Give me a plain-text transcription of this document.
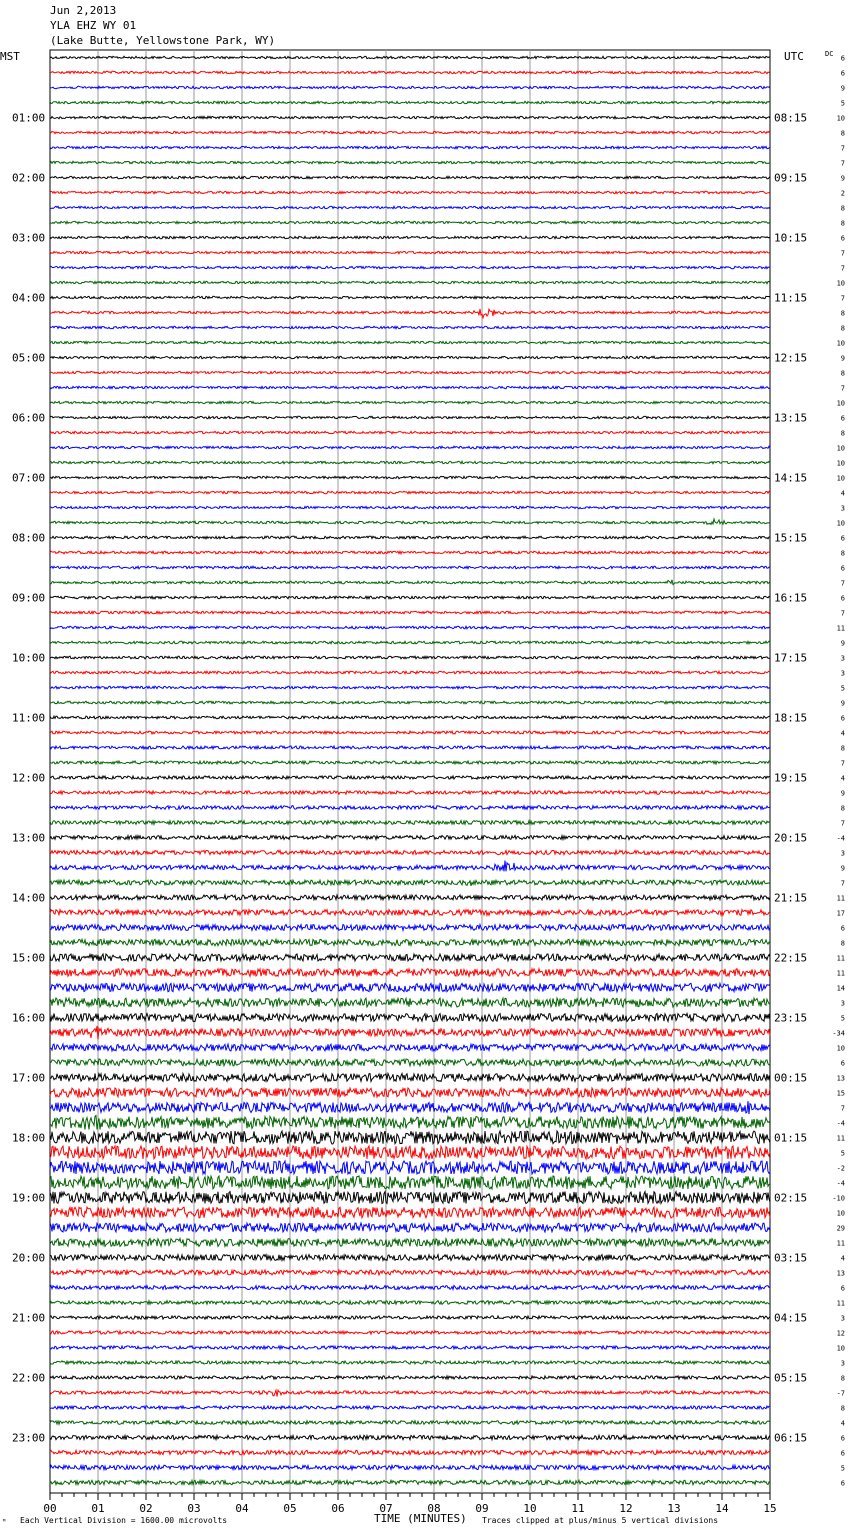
Jun 2,2013
YLA EHZ WY 01
(Lake Butte, Yellowstone Park, WY)
00	01	02	03	04	05	06	07	08	09	10	11	12	13	14	15
01:00
02:00
03:00
04:00
05:00
06:00
07:00
08:00
09:00
10:00
11:00
12:00
13:00
14:00
15:00
16:00
17:00
18:00
19:00
20:00
21:00
22:00
23:00
08:15
09:15
10:15
11:15
12:15
13:15
14:15
15:15
16:15
17:15
18:15
19:15
20:15
21:15
22:15
23:15
00:15
01:15
02:15
03:15
04:15
05:15
06:15
6
6
9
5
10
8
7
7
9
2
8
8
6
7
7
10
7
8
8
10
9
8
7
10
6
8
10
10
10
4
3
10
6
8
6
7
6
7
11
9
3
3
5
9
6
4
8
7
4
9
8
7
-4
3
9
7
11
17
6
8
11
11
14
3
5
-34
10
6
13
15
7
-4
11
5
-2
-4
-10
10
29
11
4
13
6
11
3
12
10
3
8
-7
8
4
6
6
5
6
MST	UTC	DC
ᴹ Each Vertical Division = 1600.00 microvolts	TIME (MINUTES) Traces clipped at plus/minus 5 vertical divisions
